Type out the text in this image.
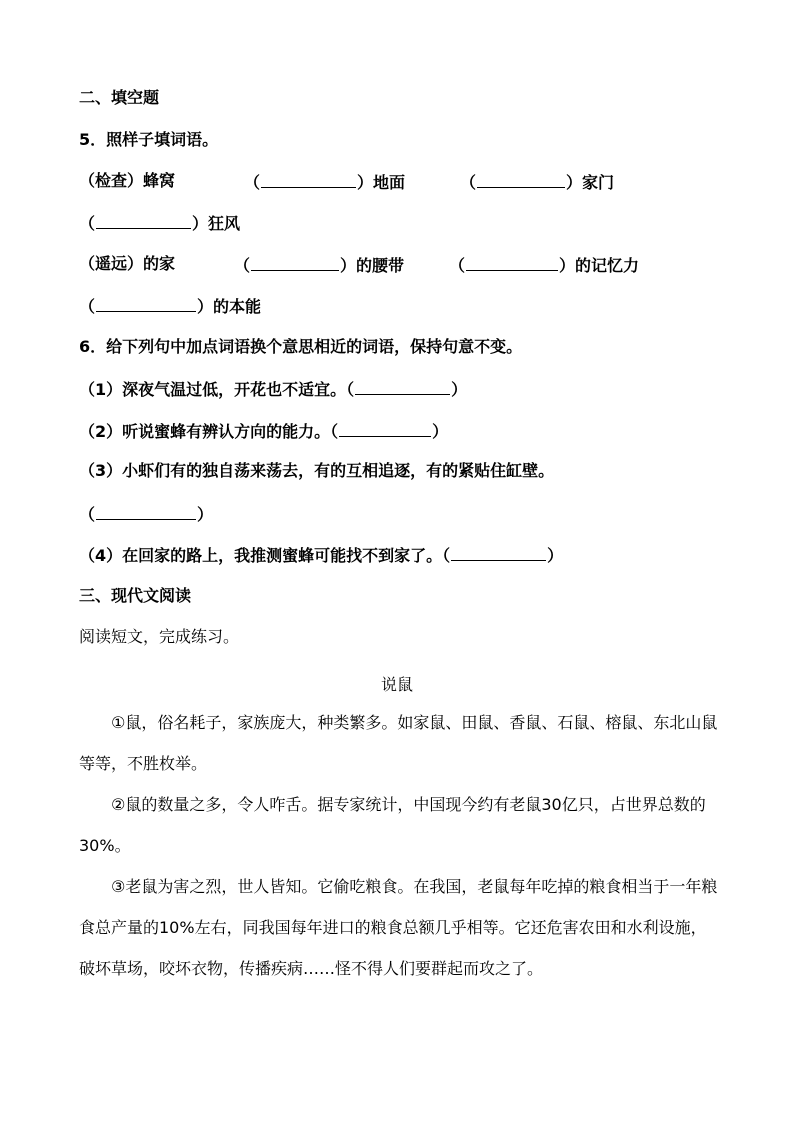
二、填空题
5．照样子填词语。
（检查）蜂窝	（	）地面	（	）家门
（	）狂风
（遥远）的家	（	）的腰带	（	）的记忆力
（	）的本能
6．给下列句中加点词语换个意思相近的词语，保持句意不变。
（1）深夜气温过低，开花也不适宜。（	）
（2）听说蜜蜂有辨认方向的能力。（	）
（3）小虾们有的独自荡来荡去，有的互相追逐，有的紧贴住缸壁。
（	）
（4）在回家的路上，我推测蜜蜂可能找不到家了。（	）
三、现代文阅读
阅读短文，完成练习。
说鼠
①鼠，俗名耗子，家族庞大，种类繁多。如家鼠、田鼠、香鼠、石鼠、榕鼠、东北山鼠等等，不胜枚举。
②鼠的数量之多，令人咋舌。据专家统计，中国现今约有老鼠30亿只，占世界总数的30%。
③老鼠为害之烈，世人皆知。它偷吃粮食。在我国，老鼠每年吃掉的粮食相当于一年粮食总产量的10%左右，同我国每年进口的粮食总额几乎相等。它还危害农田和水利设施，破坏草场，咬坏衣物，传播疾病……怪不得人们要群起而攻之了。
